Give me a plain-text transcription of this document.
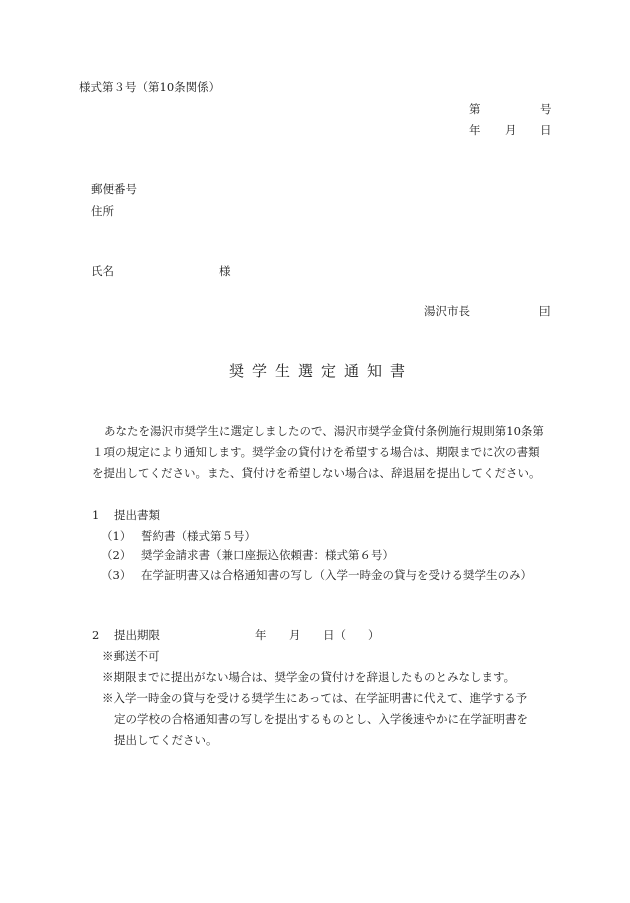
様式第３号（第10条関係）
第	号
年 月 日
郵便番号
住所
氏名	様
湯沢市長	囙
奨学生選定通知書
あなたを湯沢市奨学生に選定しましたので、湯沢市奨学金貸付条例施行規則第10条第
１項の規定により通知します。奨学金の貸付けを希望する場合は、期限までに次の書類
を提出してください。また、貸付けを希望しない場合は、辞退届を提出してください。
1 提出書類
（1） 誓約書（様式第５号）
（2） 奨学金請求書（兼口座振込依頼書：様式第６号）
（3） 在学証明書又は合格通知書の写し（入学一時金の貸与を受ける奨学生のみ）
2 提出期限	年 月 日（ ）
※郵送不可
※期限までに提出がない場合は、奨学金の貸付けを辞退したものとみなします。
※入学一時金の貸与を受ける奨学生にあっては、在学証明書に代えて、進学する予
定の学校の合格通知書の写しを提出するものとし、入学後速やかに在学証明書を
提出してください。
